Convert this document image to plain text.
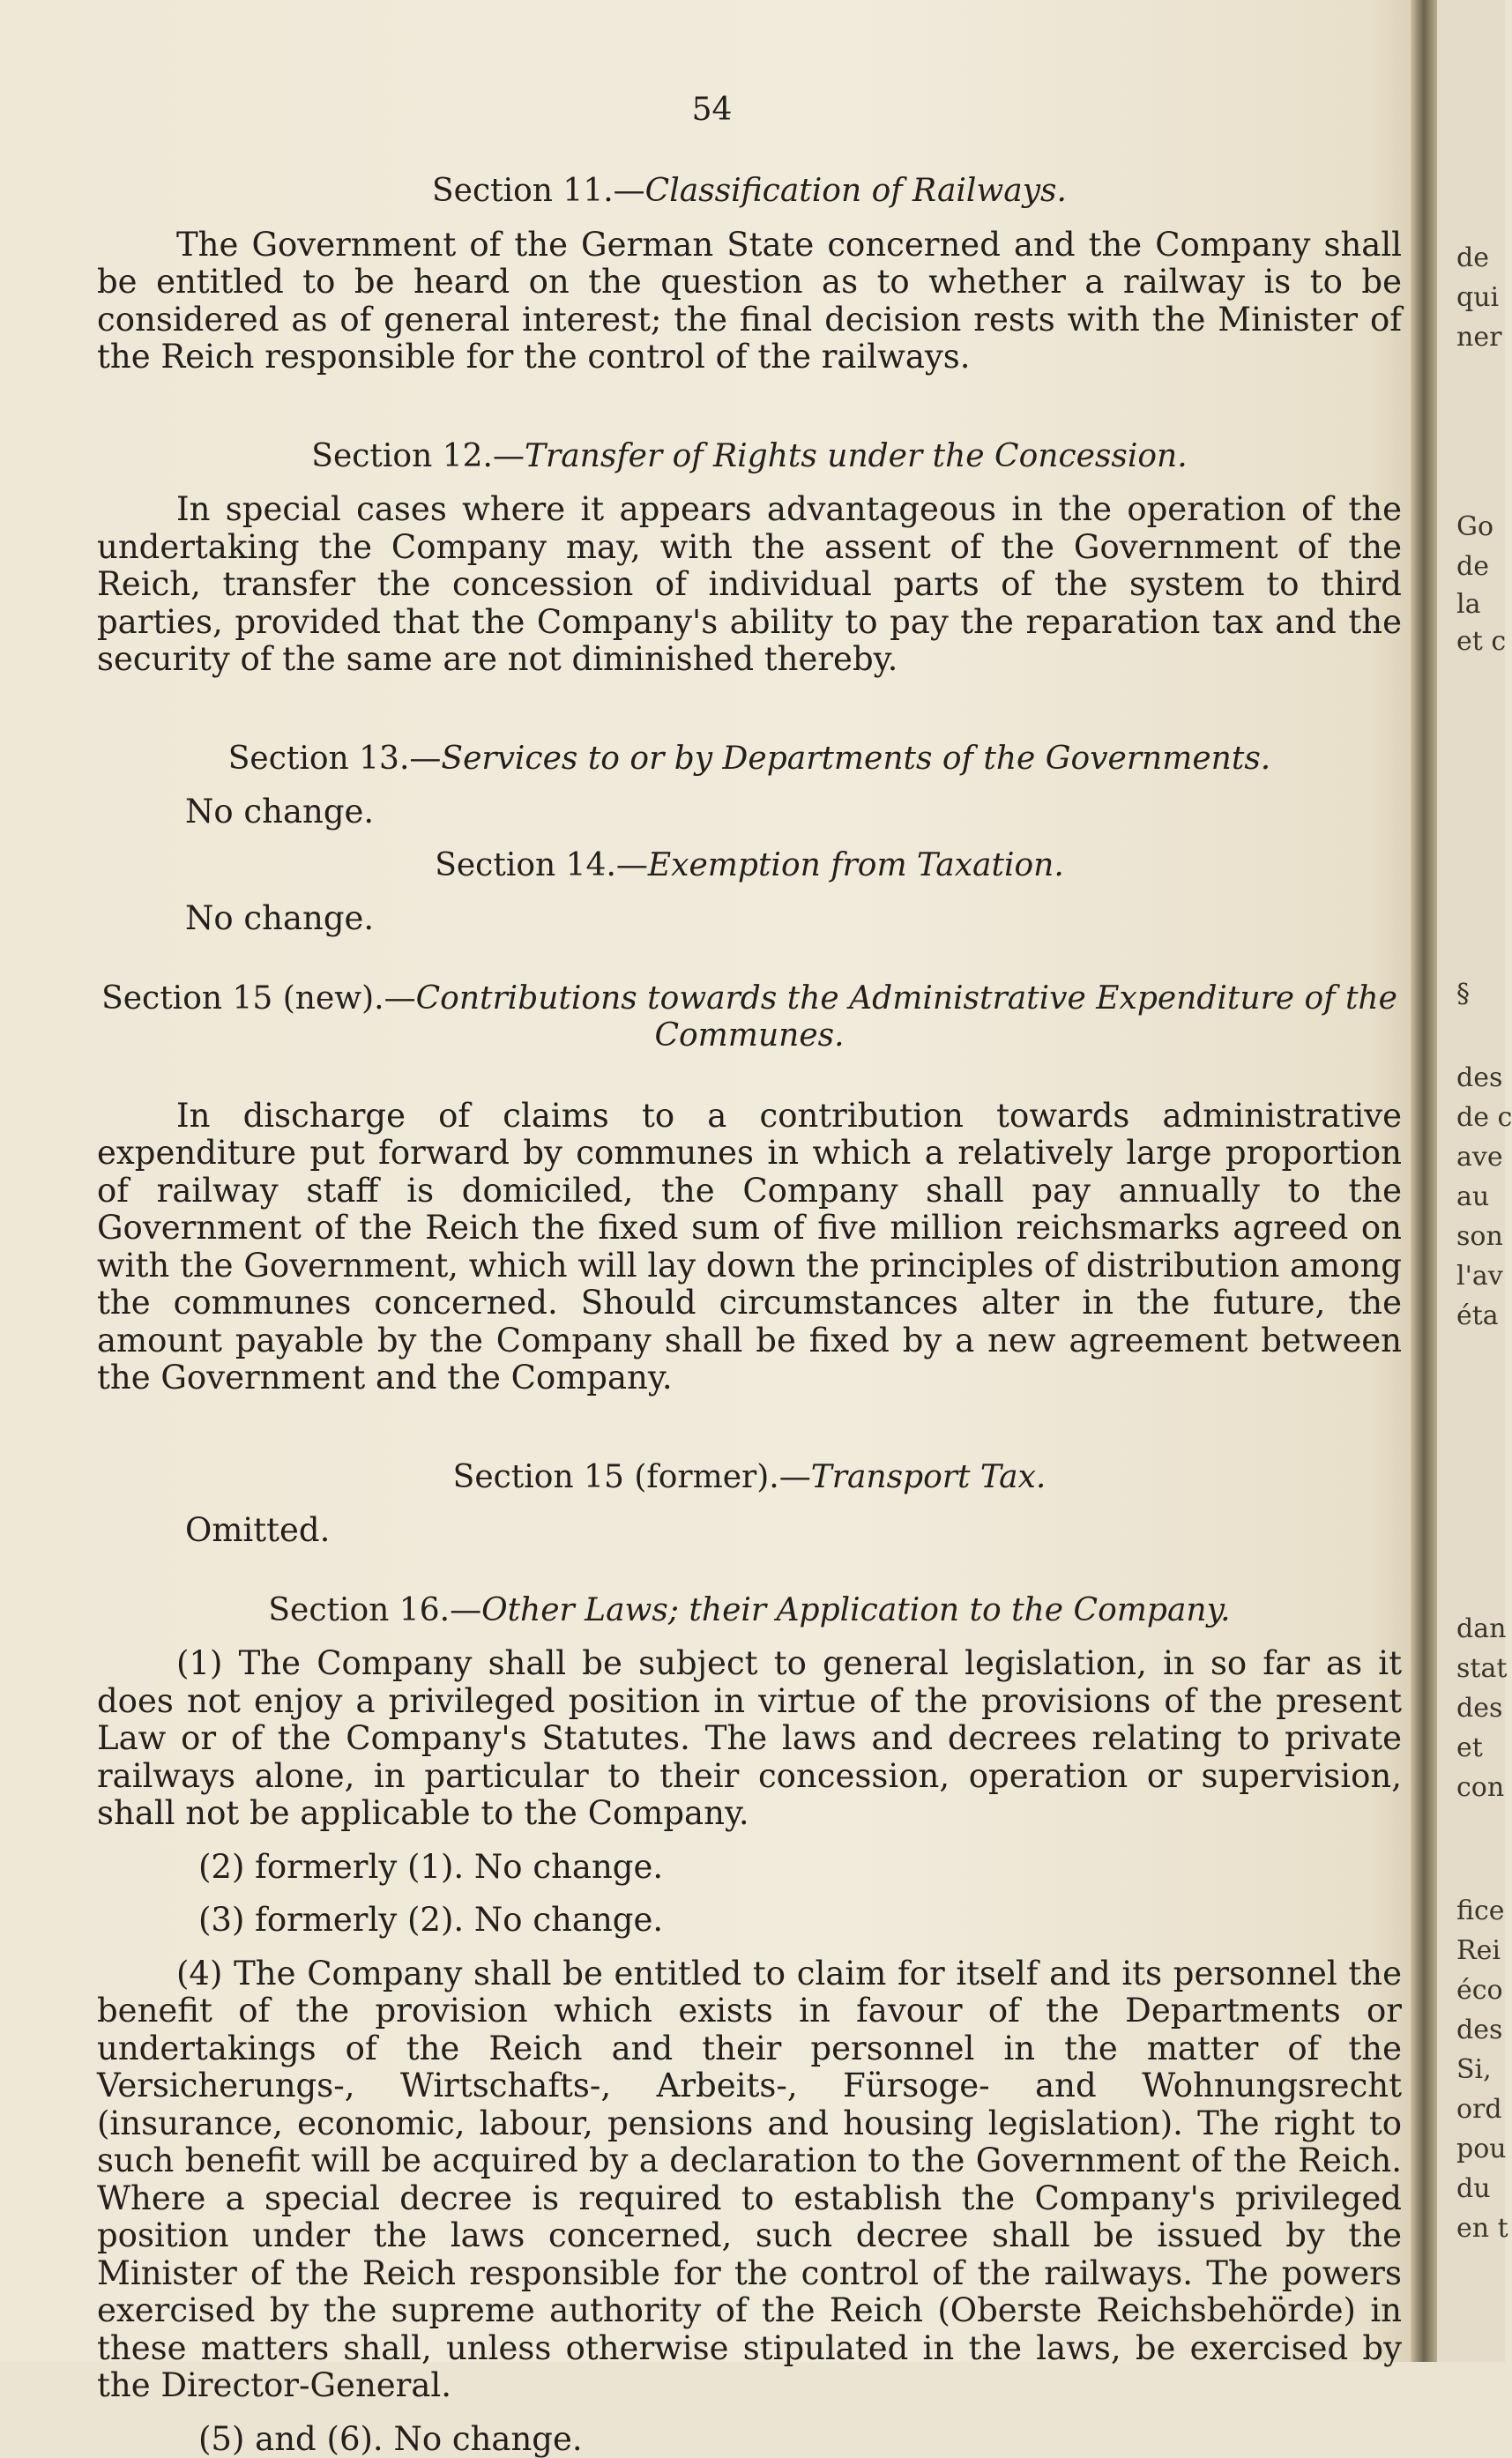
de
qui
ner
Go
de
la
et c
§
des
de c
ave
au
son
l'av
éta
dan
stat
des
et
con
fice
Rei
éco
des
Si,
ord
pou
du
en t
54

Section 11.—Classification of Railways.

The Government of the German State concerned and the Company shall be entitled to be heard on the question as to whether a railway is to be considered as of general interest; the final decision rests with the Minister of the Reich responsible for the control of the railways.

Section 12.—Transfer of Rights under the Concession.

In special cases where it appears advantageous in the operation of the undertaking the Company may, with the assent of the Government of the Reich, transfer the concession of individual parts of the system to third parties, provided that the Company's ability to pay the reparation tax and the security of the same are not diminished thereby.

Section 13.—Services to or by Departments of the Governments.

No change.

Section 14.—Exemption from Taxation.

No change.

Section 15 (new).—Contributions towards the Administrative Expenditure of the Communes.

In discharge of claims to a contribution towards administrative expenditure put forward by communes in which a relatively large proportion of railway staff is domiciled, the Company shall pay annually to the Government of the Reich the fixed sum of five million reichsmarks agreed on with the Government, which will lay down the principles of distribution among the communes concerned. Should circumstances alter in the future, the amount payable by the Company shall be fixed by a new agreement between the Government and the Company.

Section 15 (former).—Transport Tax.

Omitted.

Section 16.—Other Laws; their Application to the Company.

(1) The Company shall be subject to general legislation, in so far as it does not enjoy a privileged position in virtue of the provisions of the present Law or of the Company's Statutes. The laws and decrees relating to private railways alone, in particular to their concession, operation or supervision, shall not be applicable to the Company.

(2) formerly (1). No change.

(3) formerly (2). No change.

(4) The Company shall be entitled to claim for itself and its personnel the benefit of the provision which exists in favour of the Departments or undertakings of the Reich and their personnel in the matter of the Versicherungs-, Wirtschafts-, Arbeits-, Fürsoge- and Wohnungsrecht (insurance, economic, labour, pensions and housing legislation). The right to such benefit will be acquired by a declaration to the Government of the Reich. Where a special decree is required to establish the Company's privileged position under the laws concerned, such decree shall be issued by the Minister of the Reich responsible for the control of the railways. The powers exercised by the supreme authority of the Reich (Oberste Reichsbehörde) in these matters shall, unless otherwise stipulated in the laws, be exercised by the Director-General.

(5) and (6). No change.
